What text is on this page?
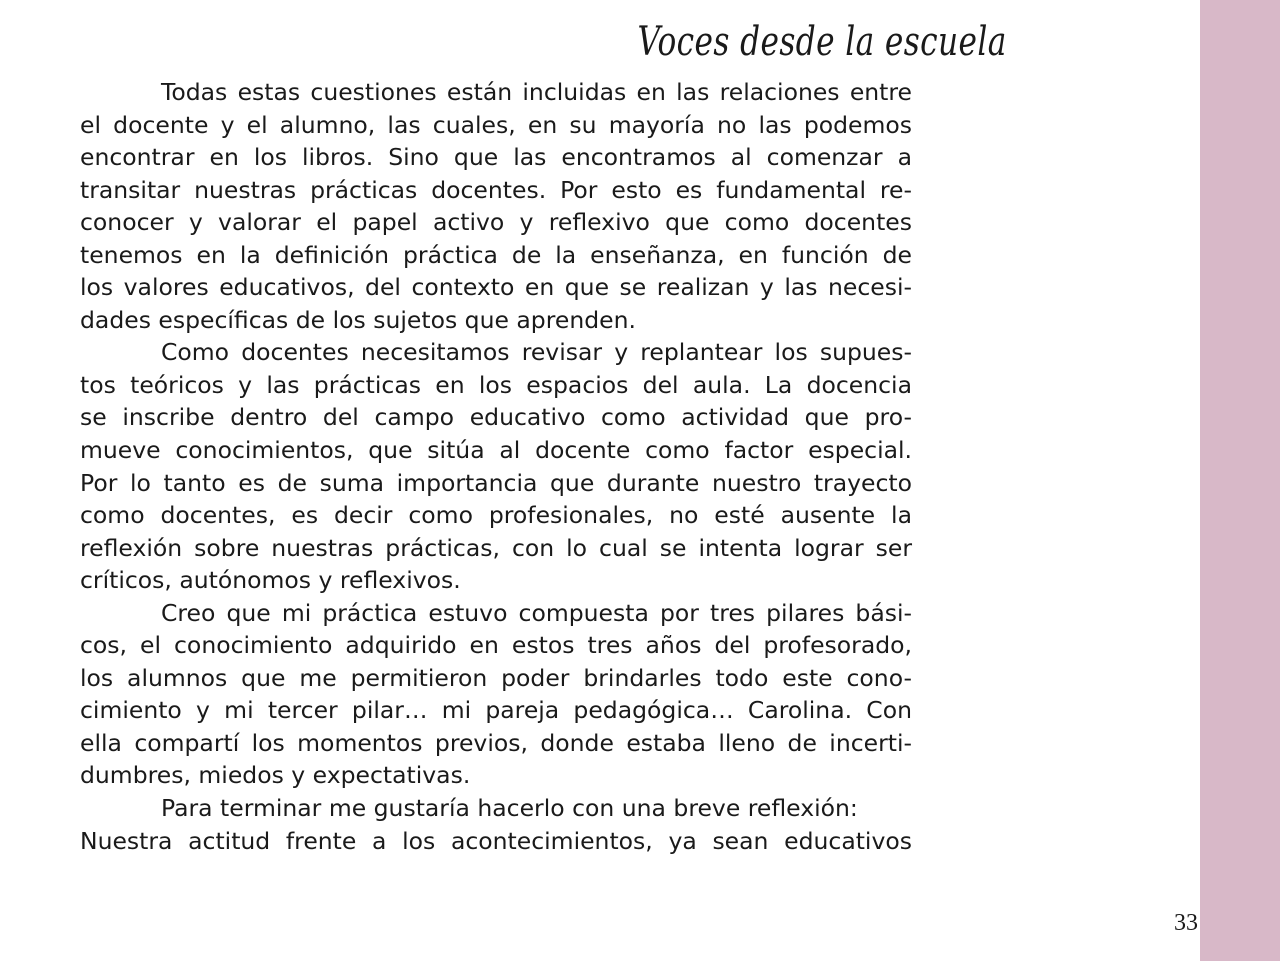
Voces desde la escuela
Todas estas cuestiones están incluidas en las relaciones entre
el docente y el alumno, las cuales, en su mayoría no las podemos
encontrar en los libros. Sino que las encontramos al comenzar a
transitar nuestras prácticas docentes. Por esto es fundamental re-
conocer y valorar el papel activo y reflexivo que como docentes
tenemos en la definición práctica de la enseñanza, en función de
los valores educativos, del contexto en que se realizan y las necesi-
dades específicas de los sujetos que aprenden.
Como docentes necesitamos revisar y replantear los supues-
tos teóricos y las prácticas en los espacios del aula. La docencia
se inscribe dentro del campo educativo como actividad que pro-
mueve conocimientos, que sitúa al docente como factor especial.
Por lo tanto es de suma importancia que durante nuestro trayecto
como docentes, es decir como profesionales, no esté ausente la
reflexión sobre nuestras prácticas, con lo cual se intenta lograr ser
críticos, autónomos y reflexivos.
Creo que mi práctica estuvo compuesta por tres pilares bási-
cos, el conocimiento adquirido en estos tres años del profesorado,
los alumnos que me permitieron poder brindarles todo este cono-
cimiento y mi tercer pilar… mi pareja pedagógica… Carolina. Con
ella compartí los momentos previos, donde estaba lleno de incerti-
dumbres, miedos y expectativas.
Para terminar me gustaría hacerlo con una breve reflexión:
Nuestra actitud frente a los acontecimientos, ya sean educativos
33
